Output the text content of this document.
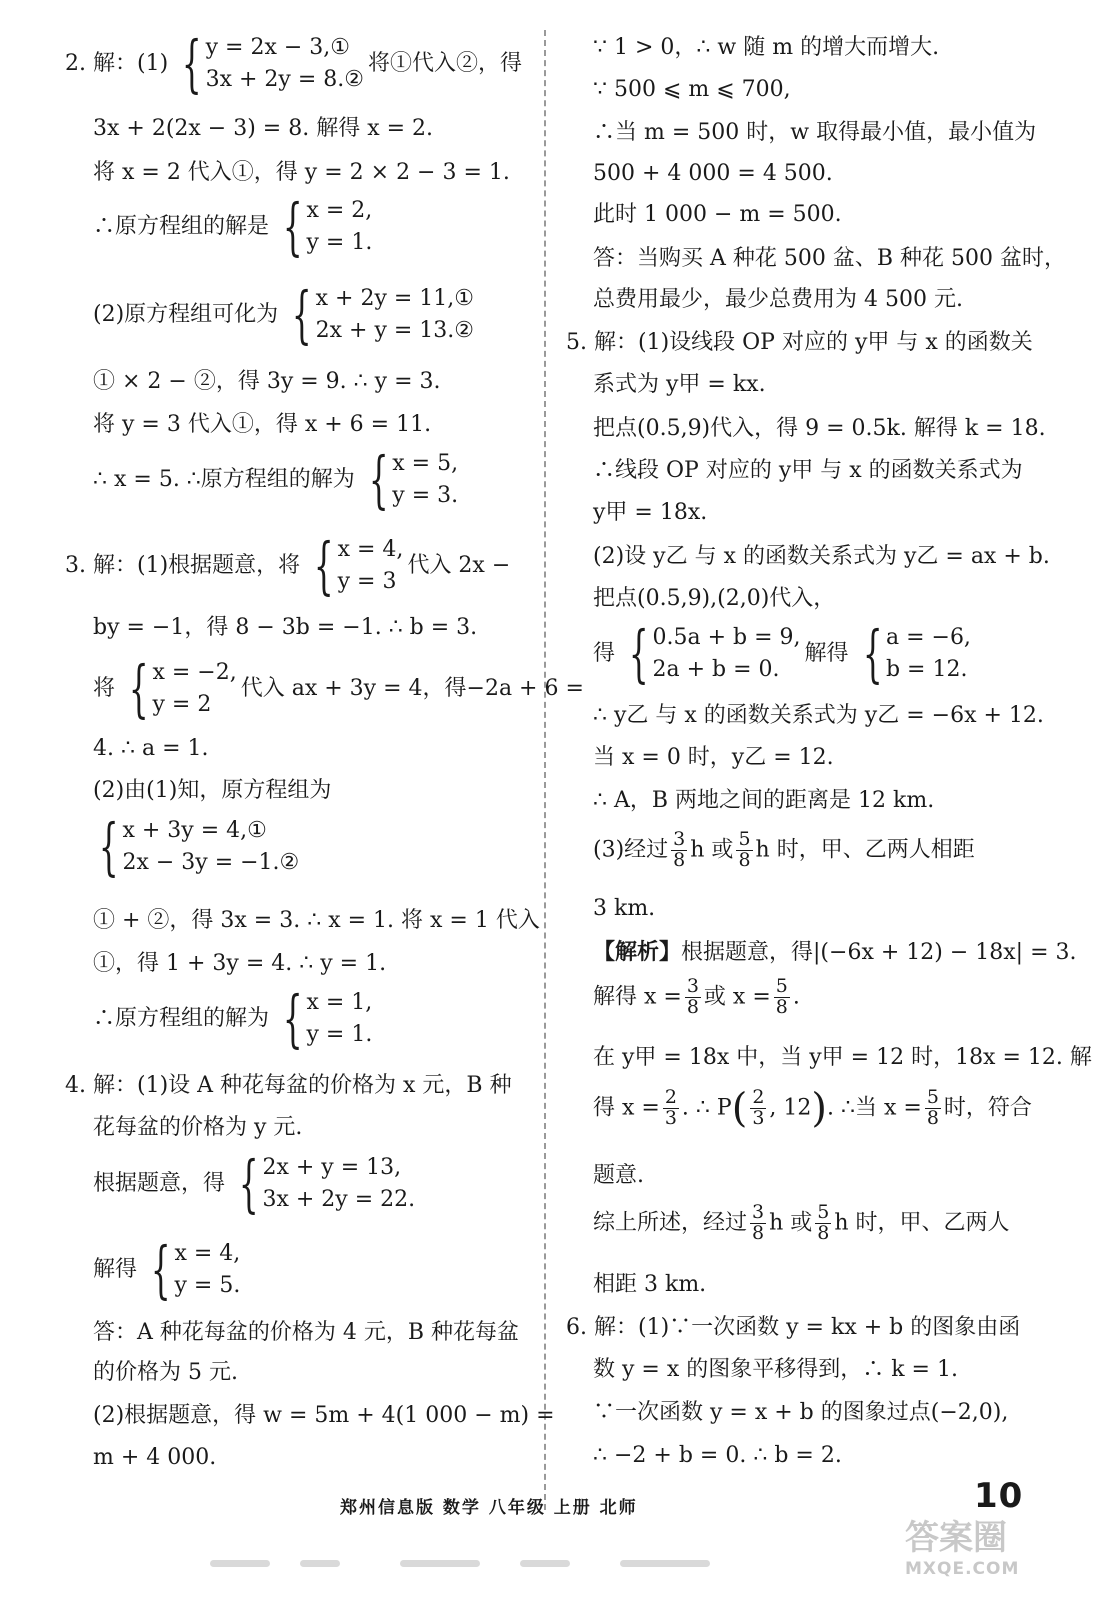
2. 解：(1) { y = 2x − 3,①
3x + 2y = 8.②
将①代入②，得
3x + 2(2x − 3) = 8. 解得 x = 2.
将 x = 2 代入①，得 y = 2 × 2 − 3 = 1.
∴原方程组的解是 { x = 2,
y = 1.
(2)原方程组可化为 { x + 2y = 11,①
2x + y = 13.②
① × 2 − ②，得 3y = 9. ∴ y = 3.
将 y = 3 代入①，得 x + 6 = 11.
∴ x = 5. ∴原方程组的解为 { x = 5,
y = 3.
3. 解：(1)根据题意，将 { x = 4,
y = 3
代入 2x −
by = −1，得 8 − 3b = −1. ∴ b = 3.
将 { x = −2,
y = 2
代入 ax + 3y = 4，得−2a + 6 =
4. ∴ a = 1.
(2)由(1)知，原方程组为
{ x + 3y = 4,①
2x − 3y = −1.②
① + ②，得 3x = 3. ∴ x = 1. 将 x = 1 代入
①，得 1 + 3y = 4. ∴ y = 1.
∴原方程组的解为 { x = 1,
y = 1.
4. 解：(1)设 A 种花每盆的价格为 x 元，B 种
花每盆的价格为 y 元.
根据题意，得 { 2x + y = 13,
3x + 2y = 22.
解得 { x = 4,
y = 5.
答：A 种花每盆的价格为 4 元，B 种花每盆
的价格为 5 元.
(2)根据题意，得 w = 5m + 4(1 000 − m) =
m + 4 000.
∵ 1 > 0，∴ w 随 m 的增大而增大.
∵ 500 ⩽ m ⩽ 700,
∴当 m = 500 时，w 取得最小值，最小值为
500 + 4 000 = 4 500.
此时 1 000 − m = 500.
答：当购买 A 种花 500 盆、B 种花 500 盆时，
总费用最少，最少总费用为 4 500 元.
5. 解：(1)设线段 OP 对应的 y甲 与 x 的函数关
系式为 y甲 = kx.
把点(0.5,9)代入，得 9 = 0.5k. 解得 k = 18.
∴线段 OP 对应的 y甲 与 x 的函数关系式为
y甲 = 18x.
(2)设 y乙 与 x 的函数关系式为 y乙 = ax + b.
把点(0.5,9),(2,0)代入，
得 { 0.5a + b = 9,
2a + b = 0.
解得 { a = −6,
b = 12.
∴ y乙 与 x 的函数关系式为 y乙 = −6x + 12.
当 x = 0 时，y乙 = 12.
∴ A，B 两地之间的距离是 12 km.
(3)经过 $\frac{3}{8}$ h 或 $\frac{5}{8}$ h 时，甲、乙两人相距
3 km.
【解析】根据题意，得|(−6x + 12) − 18x| = 3.
解得 $x = \frac{3}{8}$ 或 $x = \frac{5}{8}$ .
在 y甲 = 18x 中，当 y甲 = 12 时，18x = 12. 解
得 $x = \frac{2}{3}$ . ∴ $P( \frac{2}{3}$ , 12). ∴当 $x = \frac{5}{8}$ 时，符合
题意.
综上所述，经过 $\frac{3}{8}$ h 或 $\frac{5}{8}$ h 时，甲、乙两人
相距 3 km.
6. 解：(1)∵一次函数 y = kx + b 的图象由函
数 y = x 的图象平移得到，∴ k = 1.
∵一次函数 y = x + b 的图象过点(−2,0),
∴ −2 + b = 0. ∴ b = 2.
郑州信息版 数学 八年级 上册 北师	10
答案圈
MXQE.COM
